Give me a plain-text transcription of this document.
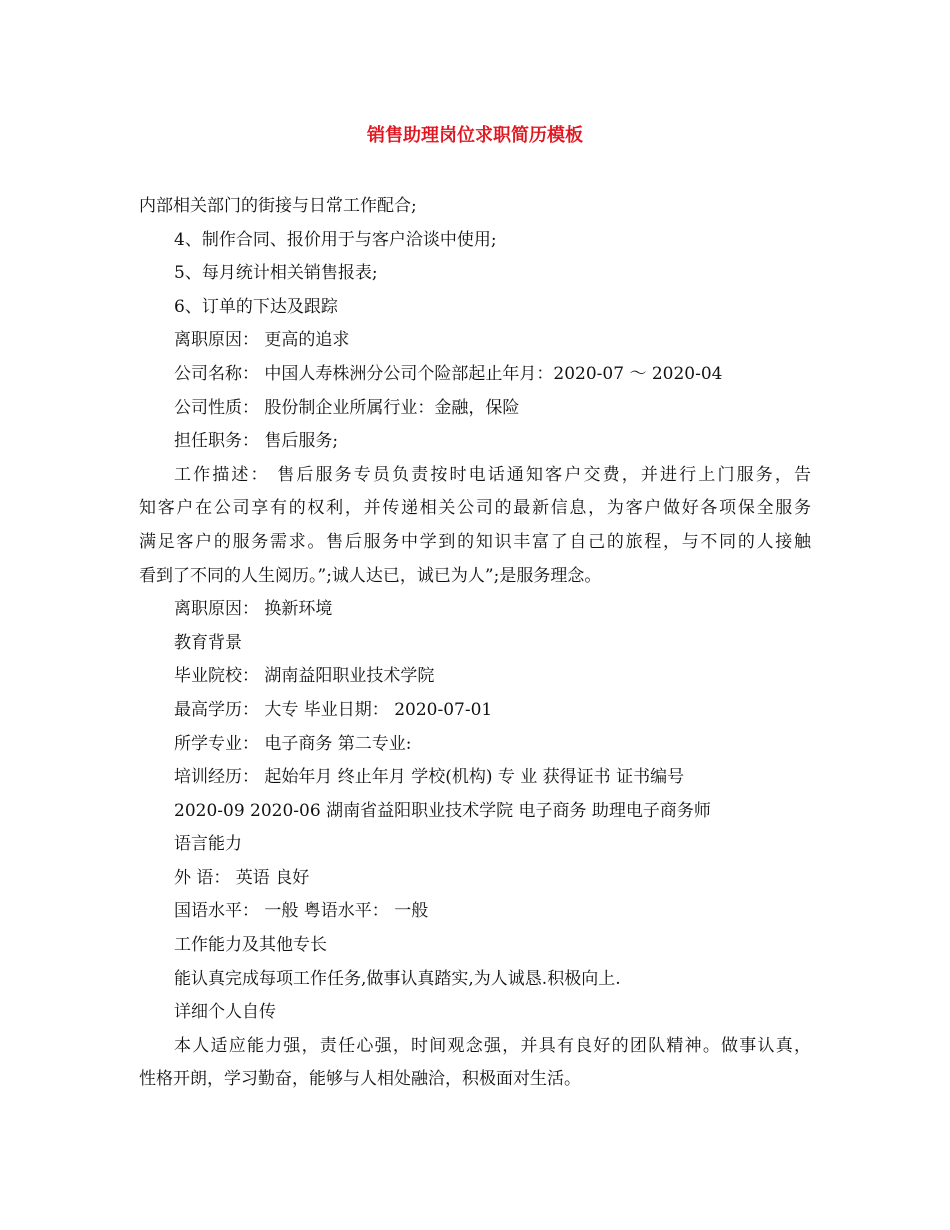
销售助理岗位求职简历模板
内部相关部门的街接与日常工作配合;
4、制作合同、报价用于与客户洽谈中使用;
5、每月统计相关销售报表;
6、订单的下达及跟踪
离职原因： 更高的追求
公司名称： 中国人寿株洲分公司个险部起止年月：2020-07 ～ 2020-04
公司性质： 股份制企业所属行业：金融，保险
担任职务： 售后服务;
工作描述： 售后服务专员负责按时电话通知客户交费，并进行上门服务，告
知客户在公司享有的权利，并传递相关公司的最新信息，为客户做好各项保全服务
满足客户的服务需求。售后服务中学到的知识丰富了自己的旅程，与不同的人接触
看到了不同的人生阅历。”;诚人达已，诚已为人”;是服务理念。
离职原因： 换新环境
教育背景
毕业院校： 湖南益阳职业技术学院
最高学历： 大专 毕业日期： 2020-07-01
所学专业： 电子商务 第二专业:
培训经历： 起始年月 终止年月 学校(机构) 专 业 获得证书 证书编号
2020-09 2020-06 湖南省益阳职业技术学院 电子商务 助理电子商务师
语言能力
外 语： 英语 良好
国语水平： 一般 粤语水平： 一般
工作能力及其他专长
能认真完成每项工作任务,做事认真踏实,为人诚恳.积极向上.
详细个人自传
本人适应能力强，责任心强，时间观念强，并具有良好的团队精神。做事认真，
性格开朗，学习勤奋，能够与人相处融洽，积极面对生活。
